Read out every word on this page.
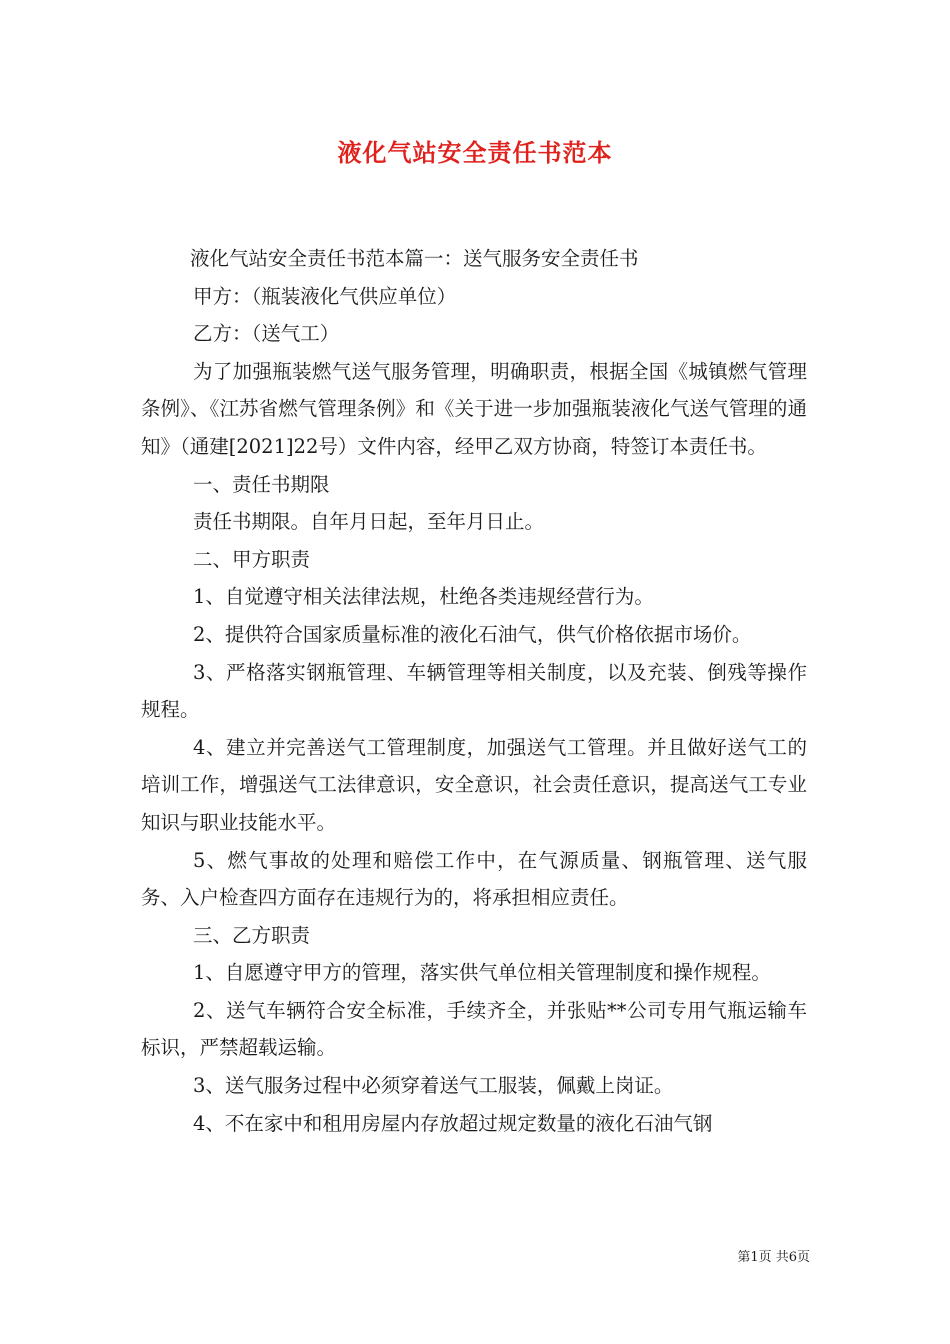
液化气站安全责任书范本

液化气站安全责任书范本篇一：送气服务安全责任书

甲方：（瓶装液化气供应单位）

乙方：（送气工）

为了加强瓶装燃气送气服务管理，明确职责，根据全国《城镇燃气管理条例》、《江苏省燃气管理条例》和《关于进一步加强瓶装液化气送气管理的通知》（通建[2021]22号）文件内容，经甲乙双方协商，特签订本责任书。

一、责任书期限

责任书期限。自年月日起，至年月日止。

二、甲方职责

1、自觉遵守相关法律法规，杜绝各类违规经营行为。

2、提供符合国家质量标准的液化石油气，供气价格依据市场价。

3、严格落实钢瓶管理、车辆管理等相关制度，以及充装、倒残等操作规程。

4、建立并完善送气工管理制度，加强送气工管理。并且做好送气工的培训工作，增强送气工法律意识，安全意识，社会责任意识，提高送气工专业知识与职业技能水平。

5、燃气事故的处理和赔偿工作中，在气源质量、钢瓶管理、送气服务、入户检查四方面存在违规行为的，将承担相应责任。

三、乙方职责

1、自愿遵守甲方的管理，落实供气单位相关管理制度和操作规程。

2、送气车辆符合安全标准，手续齐全，并张贴**公司专用气瓶运输车标识，严禁超载运输。

3、送气服务过程中必须穿着送气工服装，佩戴上岗证。

4、不在家中和租用房屋内存放超过规定数量的液化石油气钢

第1页 共6页
